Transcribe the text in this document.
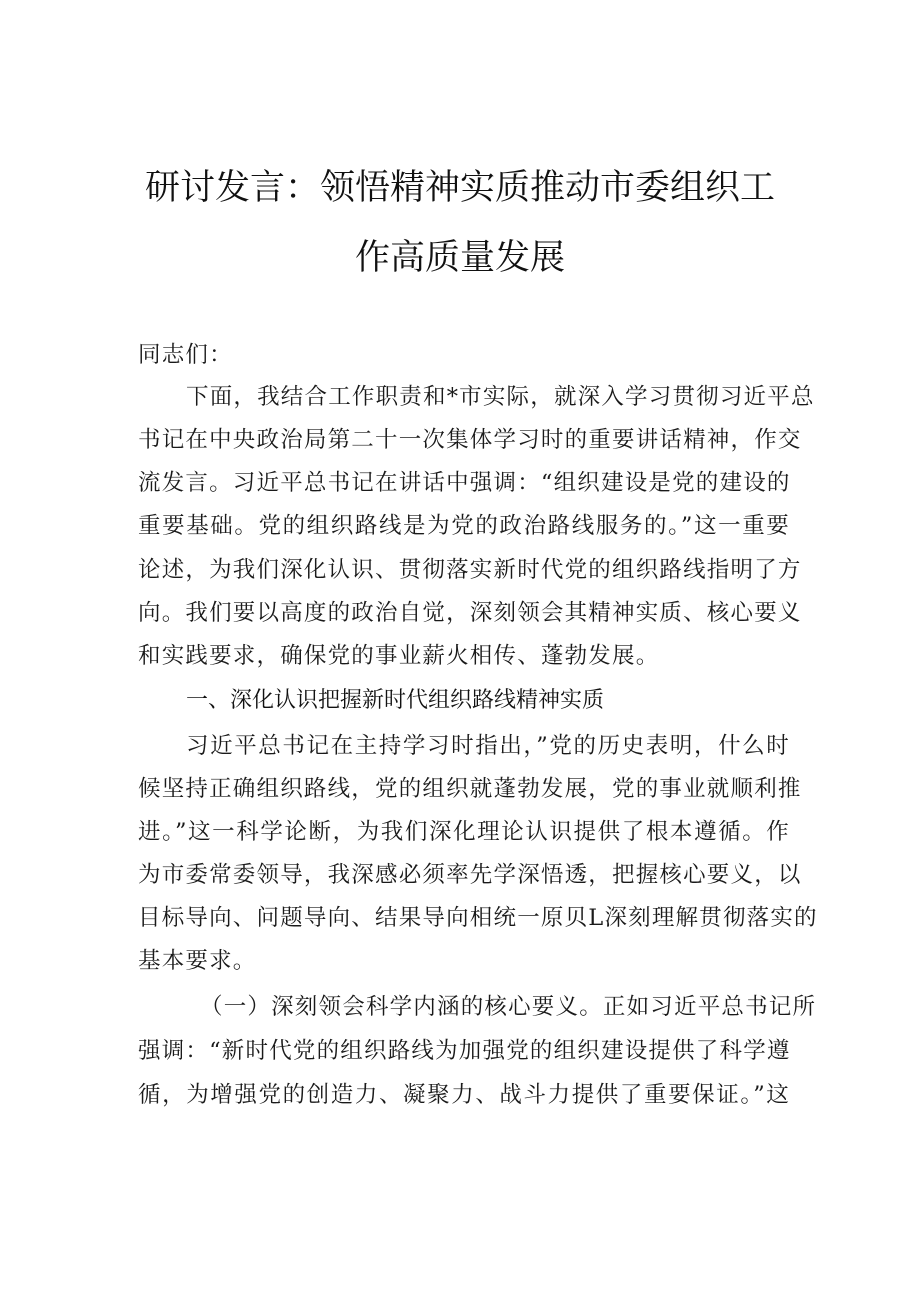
研讨发言：领悟精神实质推动市委组织工
作高质量发展
同志们：
下面，我结合工作职责和*市实际，就深入学习贯彻习近平总
书记在中央政治局第二十一次集体学习时的重要讲话精神，作交
流发言。习近平总书记在讲话中强调：“组织建设是党的建设的
重要基础。党的组织路线是为党的政治路线服务的。”这一重要
论述，为我们深化认识、贯彻落实新时代党的组织路线指明了方
向。我们要以高度的政治自觉，深刻领会其精神实质、核心要义
和实践要求，确保党的事业薪火相传、蓬勃发展。
一、深化认识把握新时代组织路线精神实质
习近平总书记在主持学习时指出，”党的历史表明，什么时
候坚持正确组织路线，党的组织就蓬勃发展，党的事业就顺利推
进。”这一科学论断，为我们深化理论认识提供了根本遵循。作
为市委常委领导，我深感必须率先学深悟透，把握核心要义，以
目标导向、问题导向、结果导向相统一原贝L深刻理解贯彻落实的
基本要求。
（一）深刻领会科学内涵的核心要义。正如习近平总书记所
强调：“新时代党的组织路线为加强党的组织建设提供了科学遵
循，为增强党的创造力、凝聚力、战斗力提供了重要保证。”这
